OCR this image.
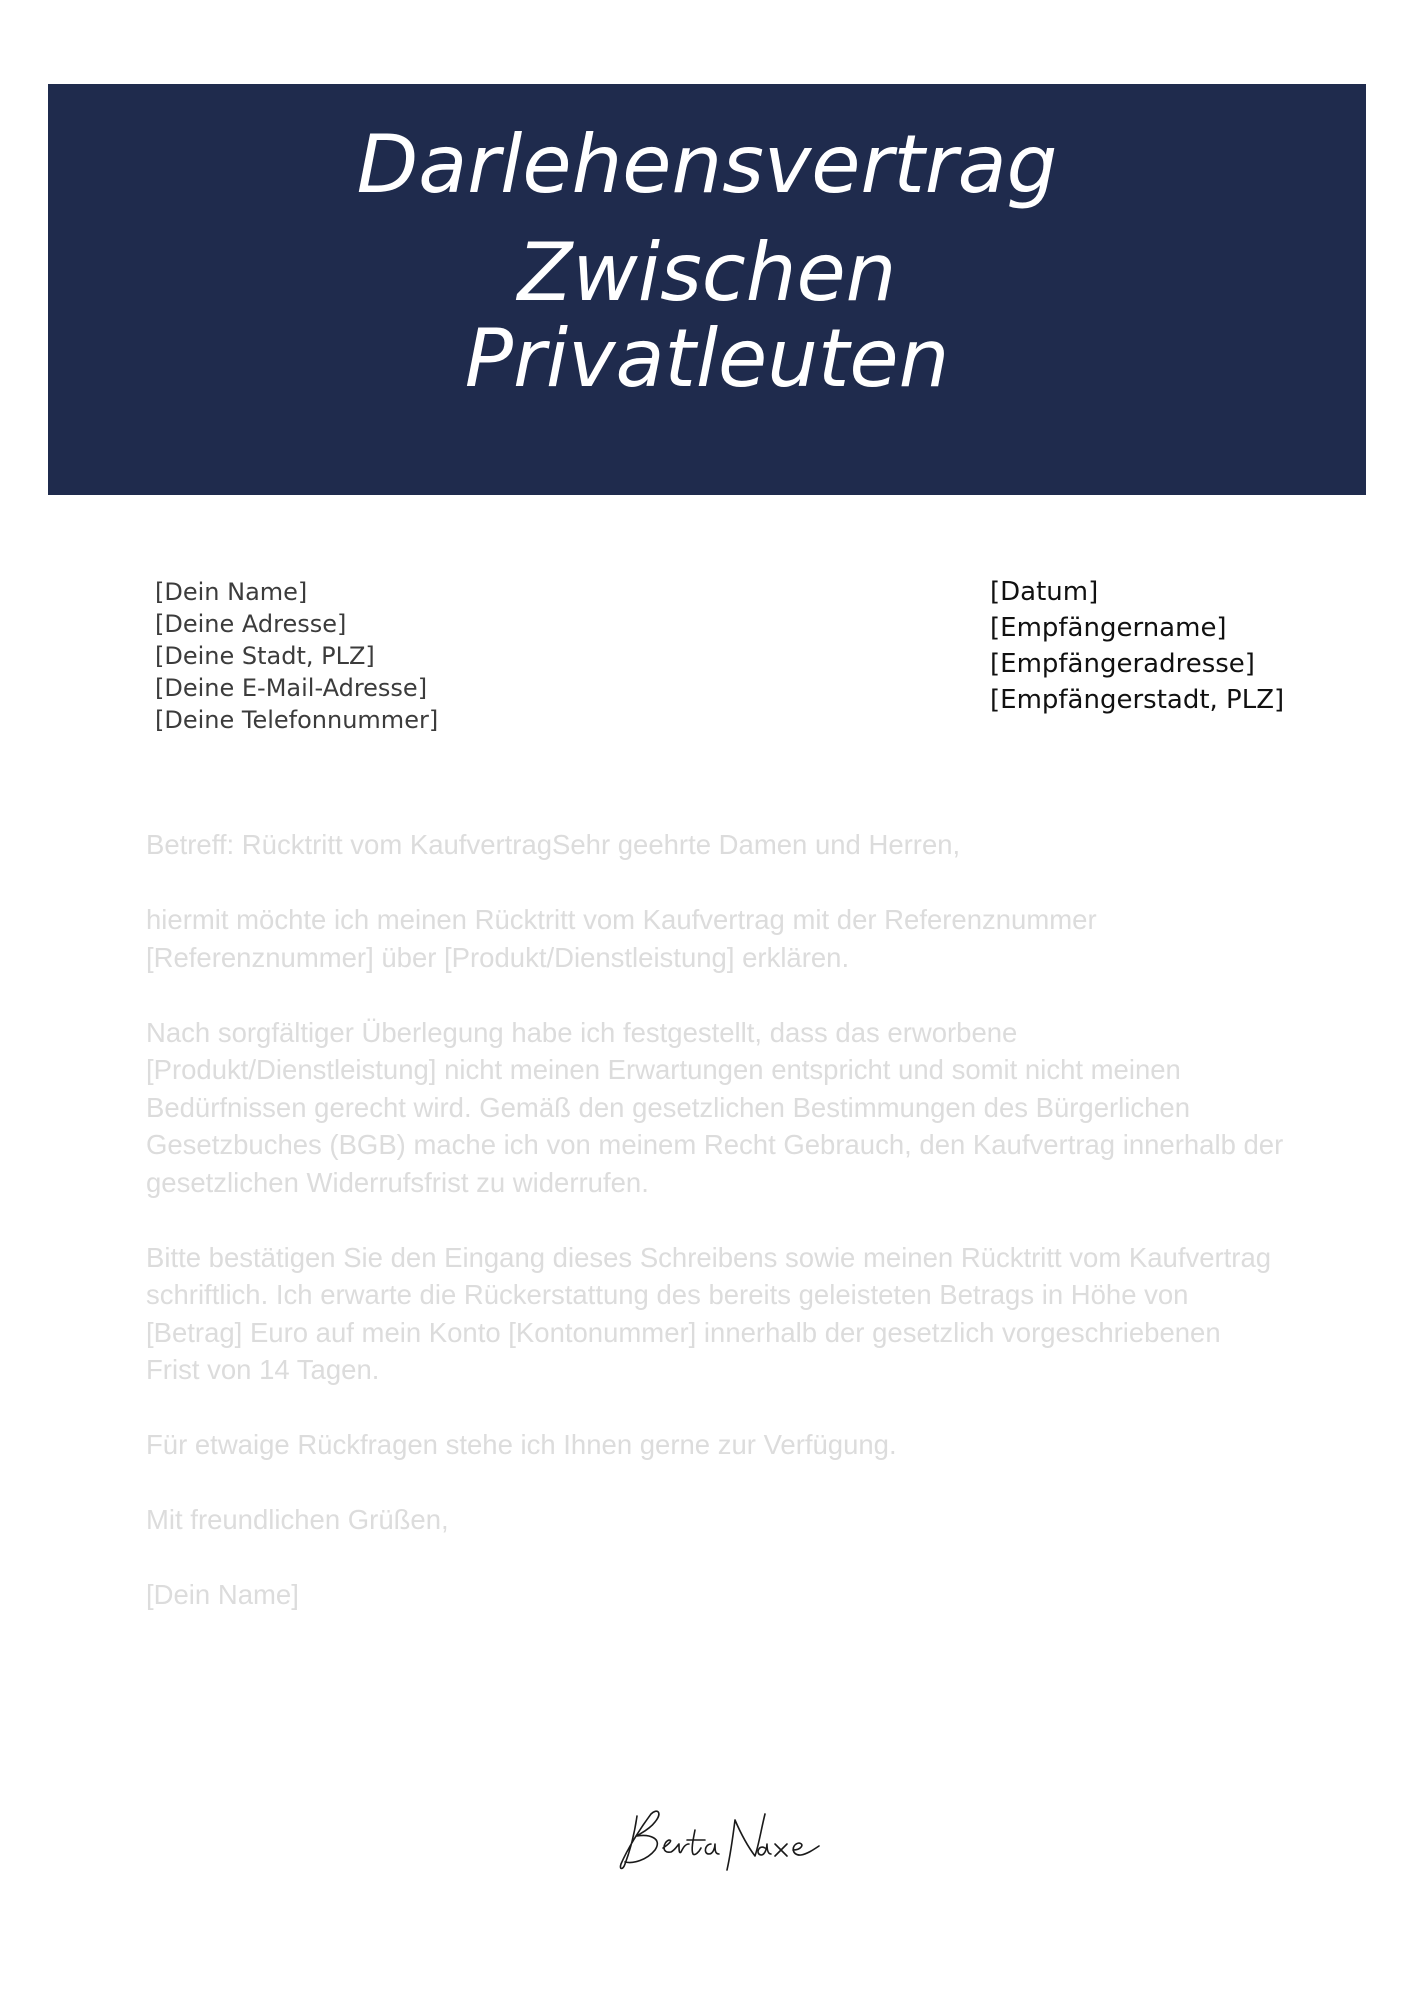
Darlehensvertrag
Zwischen
Privatleuten
[Dein Name]
[Deine Adresse]
[Deine Stadt, PLZ]
[Deine E-Mail-Adresse]
[Deine Telefonnummer]
[Datum]
[Empfängername]
[Empfängeradresse]
[Empfängerstadt, PLZ]

Betreff: Rücktritt vom KaufvertragSehr geehrte Damen und Herren,

hiermit möchte ich meinen Rücktritt vom Kaufvertrag mit der Referenznummer
[Referenznummer] über [Produkt/Dienstleistung] erklären.

Nach sorgfältiger Überlegung habe ich festgestellt, dass das erworbene
[Produkt/Dienstleistung] nicht meinen Erwartungen entspricht und somit nicht meinen
Bedürfnissen gerecht wird. Gemäß den gesetzlichen Bestimmungen des Bürgerlichen
Gesetzbuches (BGB) mache ich von meinem Recht Gebrauch, den Kaufvertrag innerhalb der
gesetzlichen Widerrufsfrist zu widerrufen.

Bitte bestätigen Sie den Eingang dieses Schreibens sowie meinen Rücktritt vom Kaufvertrag
schriftlich. Ich erwarte die Rückerstattung des bereits geleisteten Betrags in Höhe von
[Betrag] Euro auf mein Konto [Kontonummer] innerhalb der gesetzlich vorgeschriebenen
Frist von 14 Tagen.

Für etwaige Rückfragen stehe ich Ihnen gerne zur Verfügung.

Mit freundlichen Grüßen,

[Dein Name]
